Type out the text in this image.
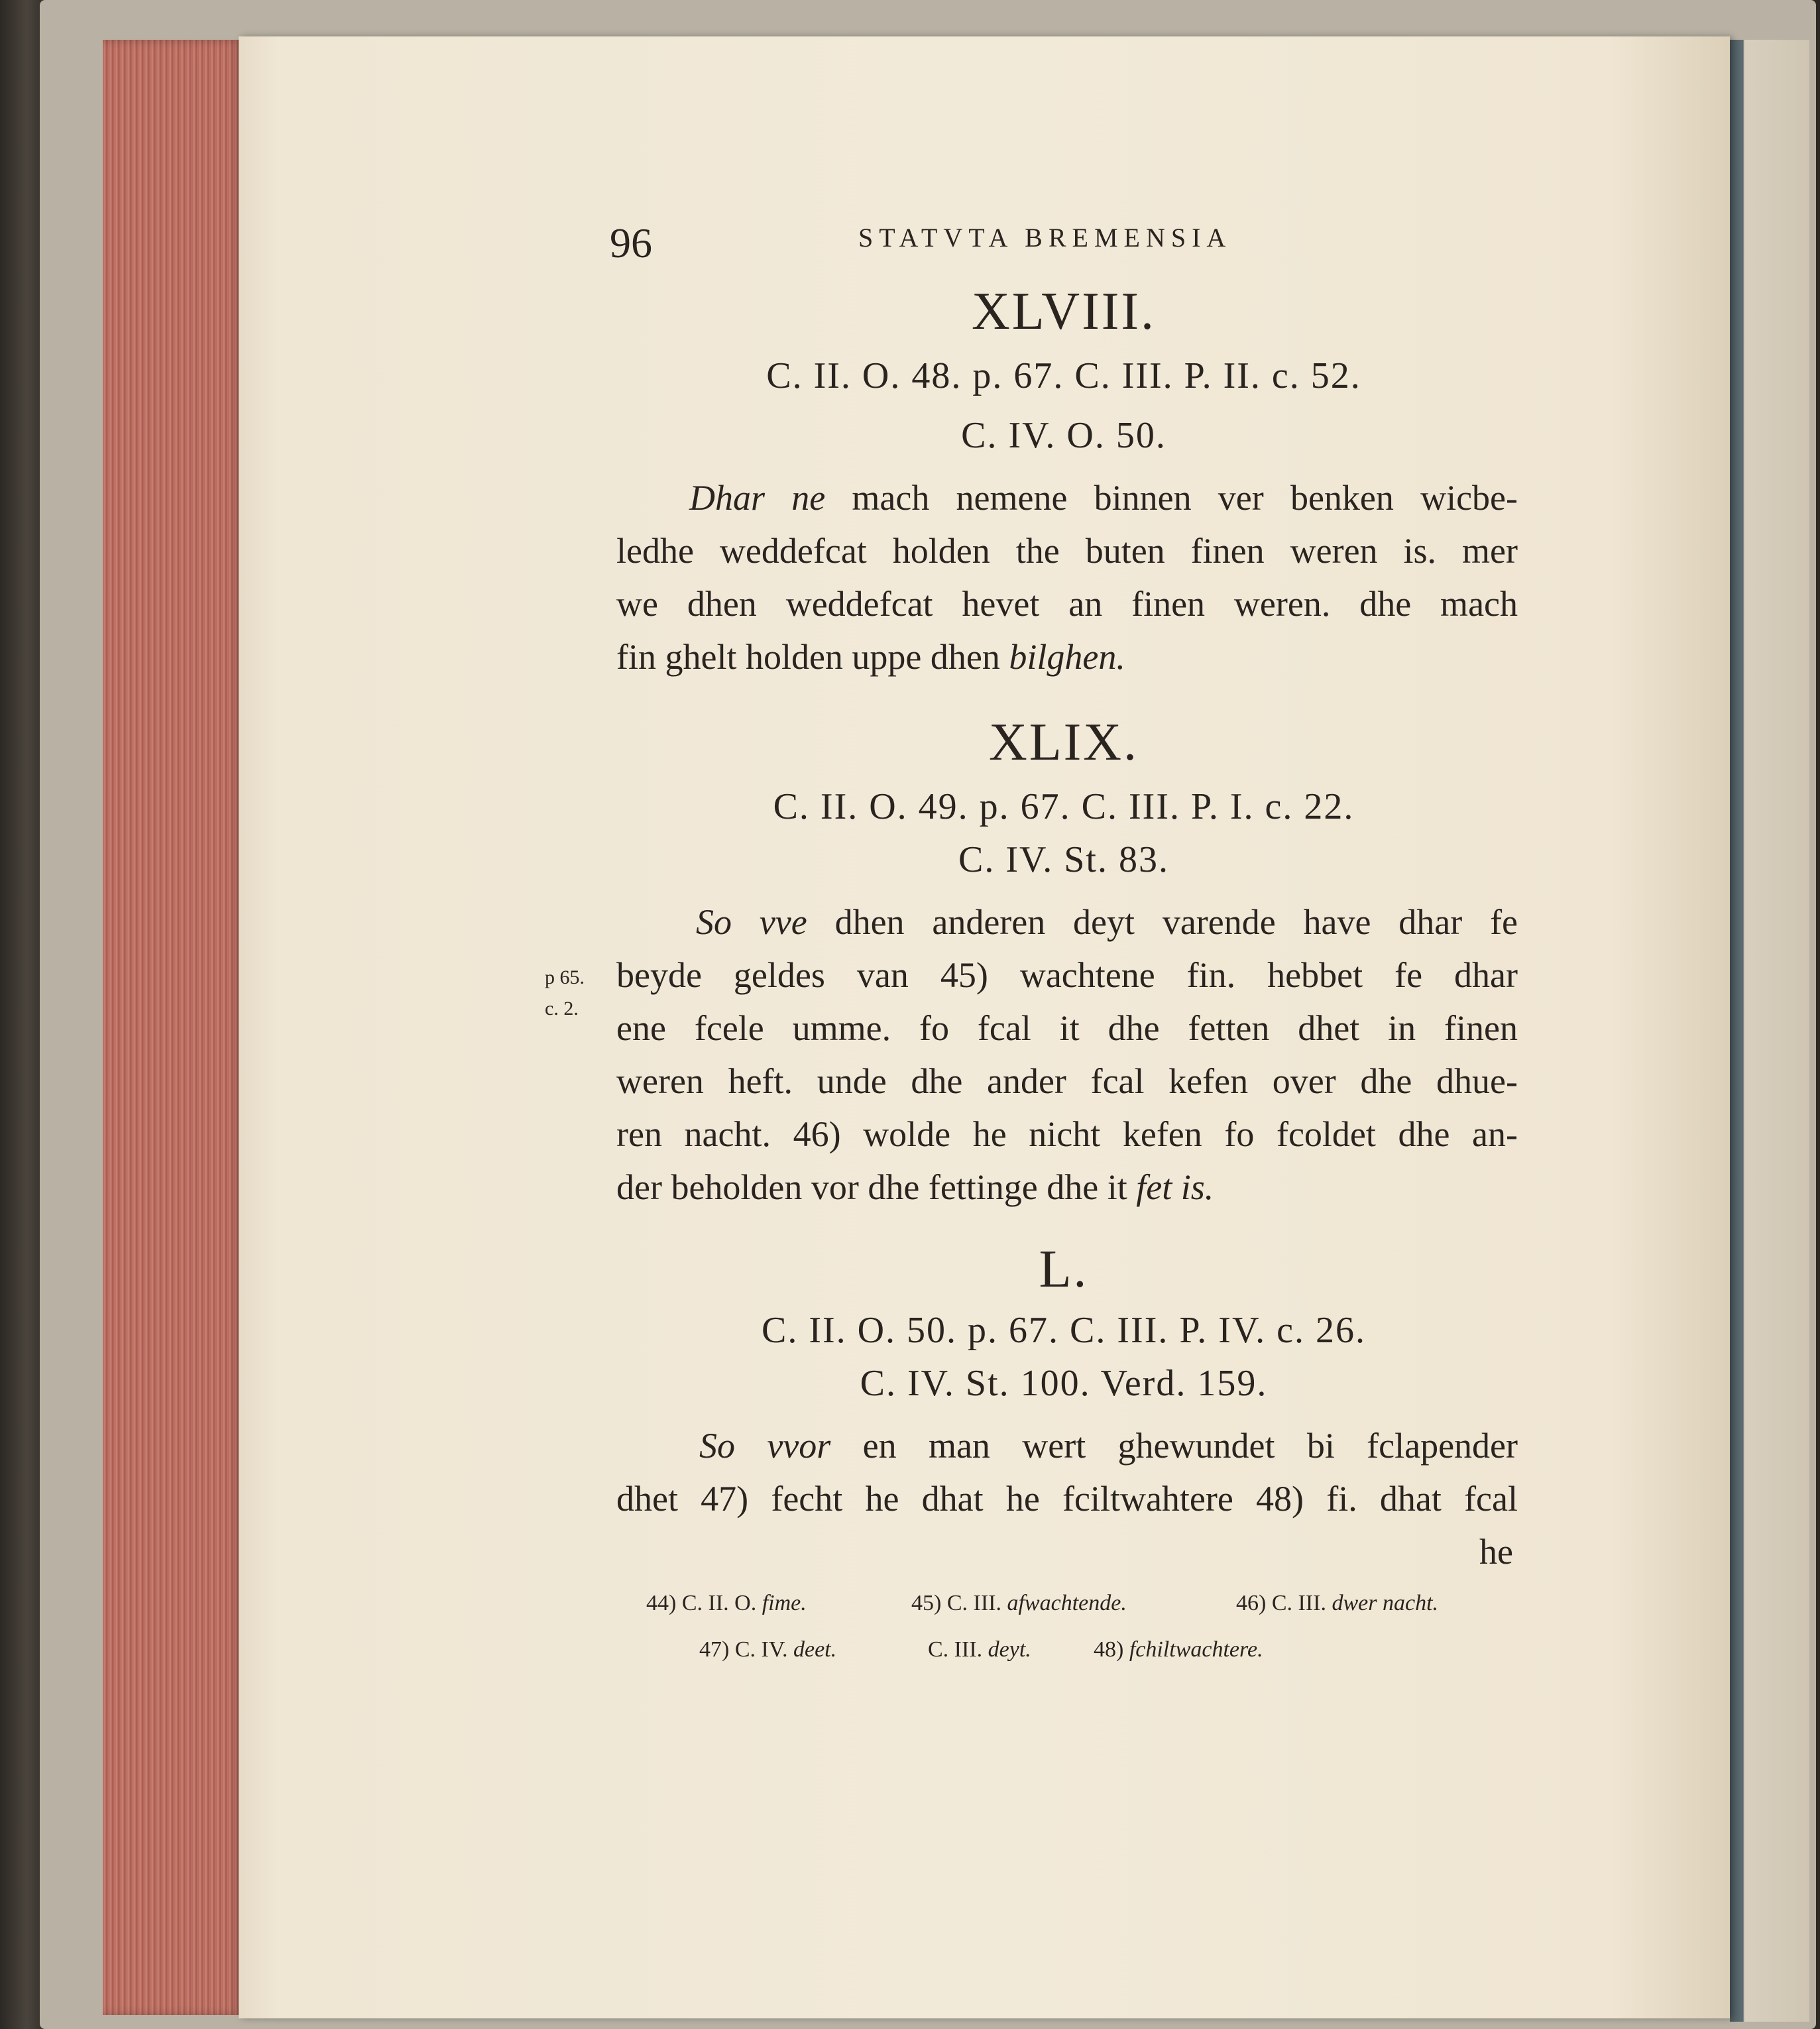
96	STATVTA BREMENSIA
XLVIII.
C. II. O. 48. p. 67. C. III. P. II. c. 52.
C. IV. O. 50.
Dhar ne mach nemene binnen ver benken wicbe-
ledhe weddefcat holden the buten finen weren is. mer
we dhen weddefcat hevet an finen weren. dhe mach
fin ghelt holden uppe dhen bilghen.
XLIX.
C. II. O. 49. p. 67. C. III. P. I. c. 22.
C. IV. St. 83.
So vve dhen anderen deyt varende have dhar fe
p 65.
c. 2.
beyde geldes van 45) wachtene fin. hebbet fe dhar
ene fcele umme. fo fcal it dhe fetten dhet in finen
weren heft. unde dhe ander fcal kefen over dhe dhue-
ren nacht. 46) wolde he nicht kefen fo fcoldet dhe an-
der beholden vor dhe fettinge dhe it fet is.
L.
C. II. O. 50. p. 67. C. III. P. IV. c. 26.
C. IV. St. 100. Verd. 159.
So vvor en man wert ghewundet bi fclapender
dhet 47) fecht he dhat he fciltwahtere 48) fi. dhat fcal
he
44) C. II. O. fime.	45) C. III. afwachtende.	46) C. III. dwer nacht.
47) C. IV. deet.	C. III. deyt.	48) fchiltwachtere.
